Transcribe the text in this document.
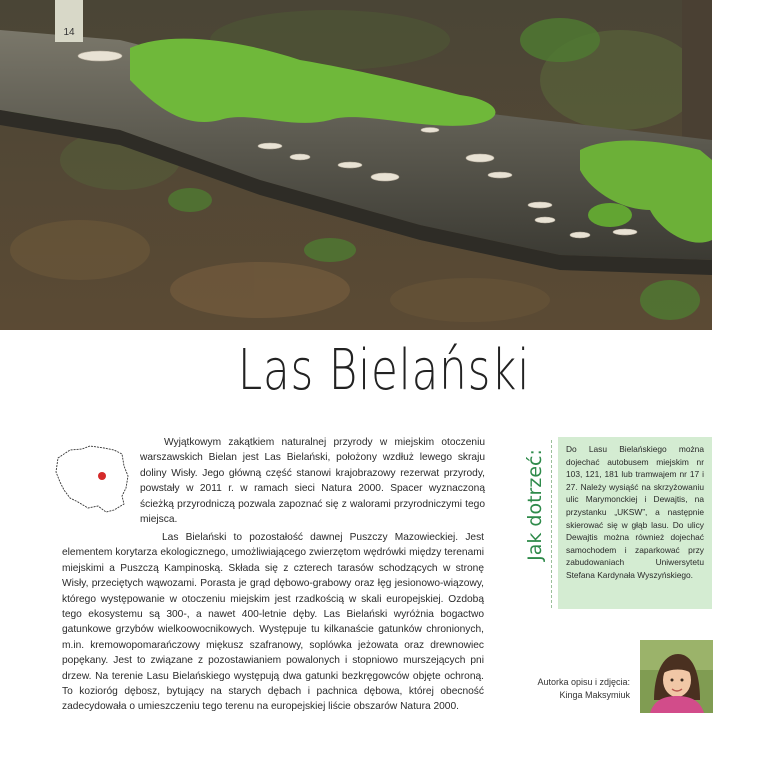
14
Las Bielański

Wyjątkowym zakątkiem naturalnej przyrody w miejskim otoczeniu warszawskich Bielan jest Las Bielański, położony wzdłuż lewego skraju doliny Wisły. Jego główną część stanowi krajobrazowy rezerwat przyrody, powstały w 2011 r. w ramach sieci Natura 2000. Spacer wyznaczoną ścieżką przyrodniczą pozwala zapoznać się z walorami przyrodniczymi tego miejsca.

Las Bielański to pozostałość dawnej Puszczy Mazowieckiej. Jest elementem korytarza ekologicznego, umożliwiającego zwierzętom wędrówki między terenami miejskimi a Puszczą Kampinoską. Składa się z czterech tarasów schodzących w stronę Wisły, przeciętych wąwozami. Porasta je grąd dębowo-grabowy oraz łęg jesionowo-wiązowy, którego występowanie w otoczeniu miejskim jest rzadkością w skali europejskiej. Ozdobą tego ekosystemu są 300-, a nawet 400-letnie dęby. Las Bielański wyróżnia bogactwo gatunkowe grzybów wielkoowocnikowych. Występuje tu kilkanaście gatunków chronionych, m.in. kremowopomarańczowy miękusz szafranowy, soplówka jeżowata oraz drewnowiec popękany. Jest to związane z pozostawianiem powalonych i stopniowo murszejących pni drzew. Na terenie Lasu Bielańskiego występują dwa gatunki bezkręgowców objęte ochroną. To kozioróg dębosz, bytujący na starych dębach i pachnica dębowa, której obecność zadecydowała o umieszczeniu tego terenu na europejskiej liście obszarów Natura 2000.

Jak dotrzeć:
Do Lasu Bielańskiego można dojechać autobusem miejskim nr 103, 121, 181 lub tramwajem nr 17 i 27. Należy wysiąść na skrzyżowaniu ulic Marymonckiej i Dewajtis, na przystanku „UKSW”, a następnie skierować się w głąb lasu. Do ulicy Dewajtis można również dojechać samochodem i zaparkować przy zabudowaniach Uniwersytetu Stefana Kardynała Wyszyńskiego.
Autorka opisu i zdjęcia:
Kinga Maksymiuk
